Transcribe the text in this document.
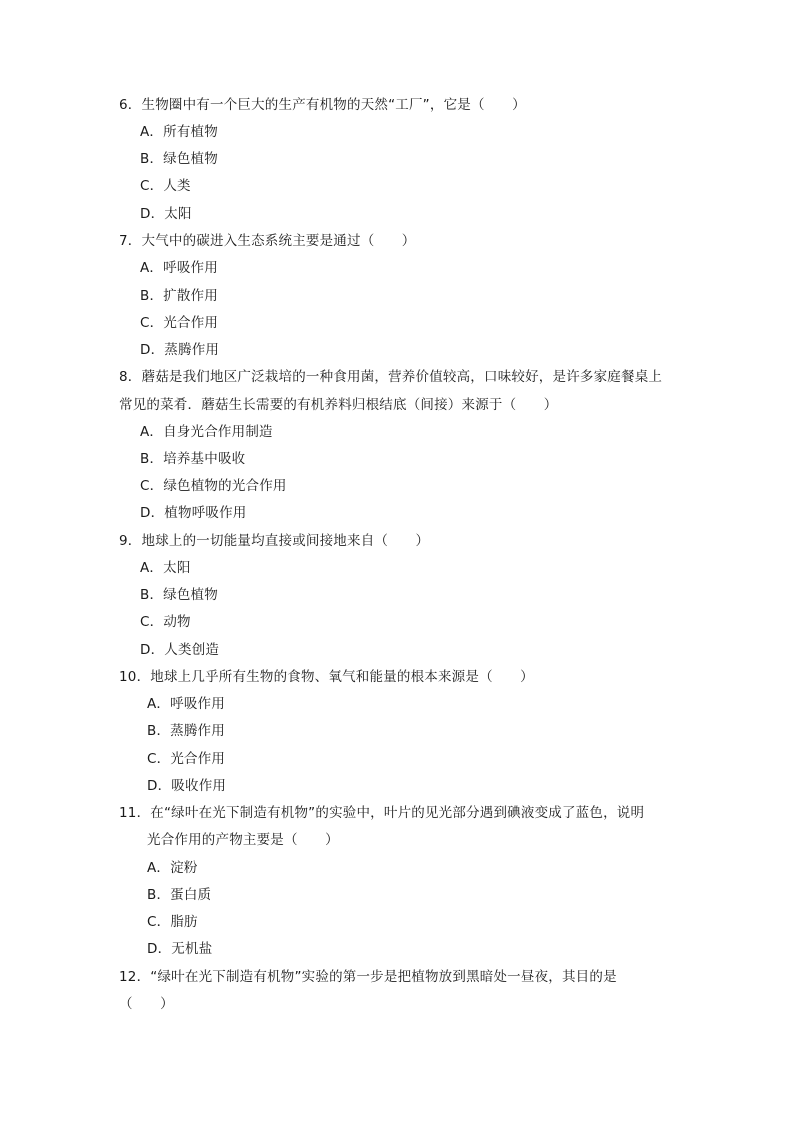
6．生物圈中有一个巨大的生产有机物的天然“工厂”，它是（　　）
A．所有植物
B．绿色植物
C．人类
D．太阳
7．大气中的碳进入生态系统主要是通过（　　）
A．呼吸作用
B．扩散作用
C．光合作用
D．蒸腾作用
8．蘑菇是我们地区广泛栽培的一种食用菌，营养价值较高，口味较好，是许多家庭餐桌上
常见的菜肴．蘑菇生长需要的有机养料归根结底（间接）来源于（　　）
A．自身光合作用制造
B．培养基中吸收
C．绿色植物的光合作用
D．植物呼吸作用
9．地球上的一切能量均直接或间接地来自（　　）
A．太阳
B．绿色植物
C．动物
D．人类创造
10．地球上几乎所有生物的食物、氧气和能量的根本来源是（　　）
A．呼吸作用
B．蒸腾作用
C．光合作用
D．吸收作用
11．在“绿叶在光下制造有机物”的实验中，叶片的见光部分遇到碘液变成了蓝色，说明
光合作用的产物主要是（　　）
A．淀粉
B．蛋白质
C．脂肪
D．无机盐
12．“绿叶在光下制造有机物”实验的第一步是把植物放到黑暗处一昼夜，其目的是
（　　）
